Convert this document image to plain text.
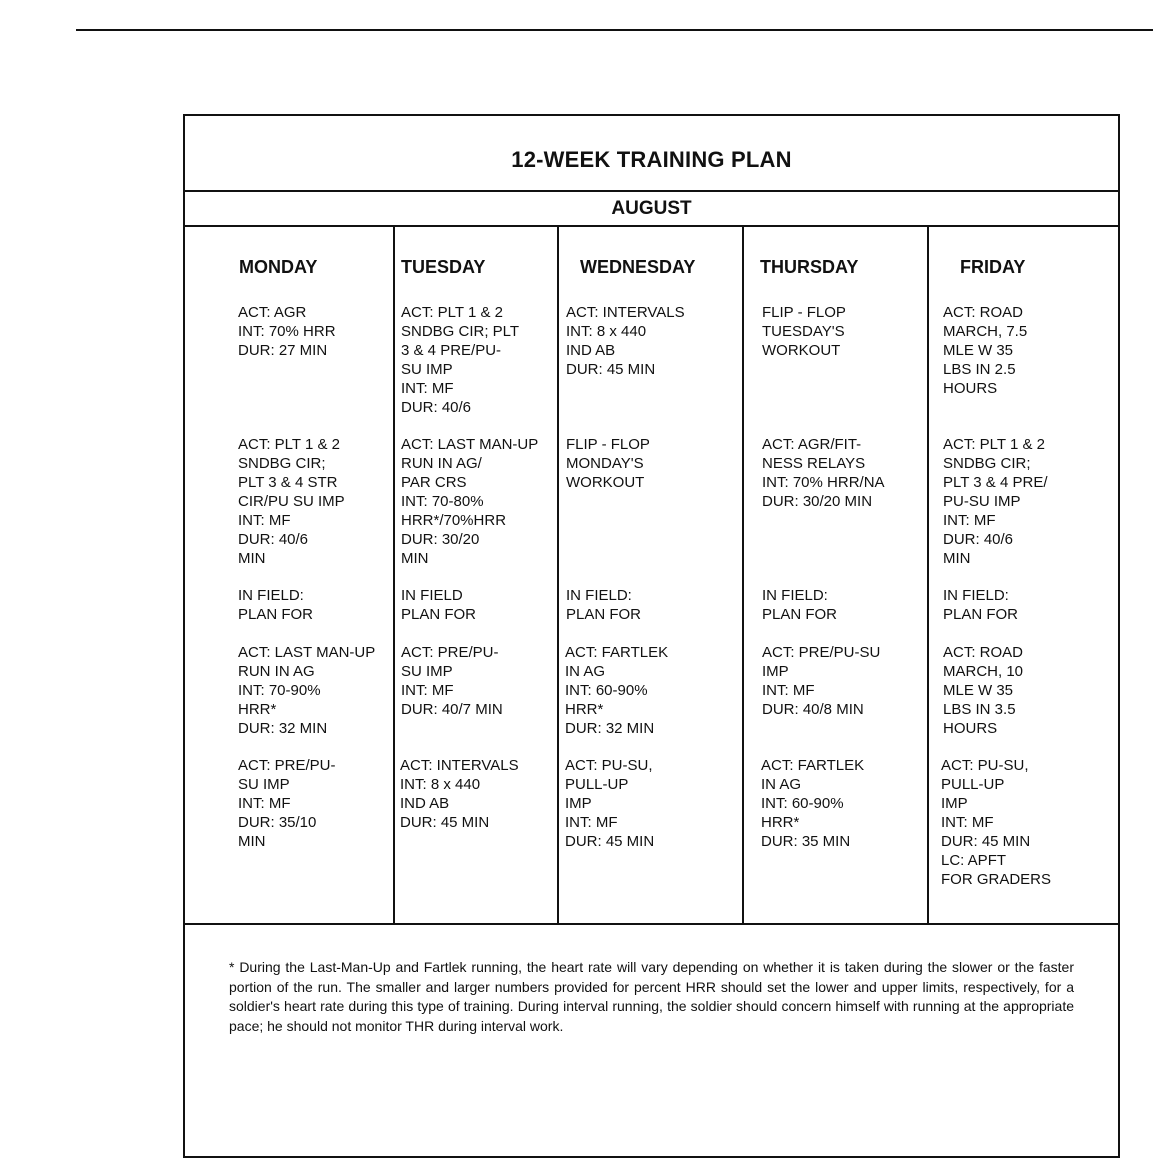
12-WEEK TRAINING PLAN
AUGUST
MONDAY
ACT: AGR
INT: 70% HRR
DUR: 27 MIN
ACT: PLT 1 & 2
SNDBG CIR;
PLT 3 & 4 STR
CIR/PU SU IMP
INT: MF
DUR: 40/6
MIN
IN FIELD:
PLAN FOR
ACT: LAST MAN-UP
RUN IN AG
INT: 70-90%
HRR*
DUR: 32 MIN
ACT: PRE/PU-
SU IMP
INT: MF
DUR: 35/10
MIN
TUESDAY
ACT: PLT 1 & 2
SNDBG CIR; PLT
3 & 4 PRE/PU-
SU IMP
INT: MF
DUR: 40/6
ACT: LAST MAN-UP
RUN IN AG/
PAR CRS
INT: 70-80%
HRR*/70%HRR
DUR: 30/20
MIN
IN FIELD
PLAN FOR
ACT: PRE/PU-
SU IMP
INT: MF
DUR: 40/7 MIN
ACT: INTERVALS
INT: 8 x 440
IND AB
DUR: 45 MIN
WEDNESDAY
ACT: INTERVALS
INT: 8 x 440
IND AB
DUR: 45 MIN
FLIP - FLOP
MONDAY'S
WORKOUT
IN FIELD:
PLAN FOR
ACT: FARTLEK
IN AG
INT: 60-90%
HRR*
DUR: 32 MIN
ACT: PU-SU,
PULL-UP
IMP
INT: MF
DUR: 45 MIN
THURSDAY
FLIP - FLOP
TUESDAY'S
WORKOUT
ACT: AGR/FIT-
NESS RELAYS
INT: 70% HRR/NA
DUR: 30/20 MIN
IN FIELD:
PLAN FOR
ACT: PRE/PU-SU
IMP
INT: MF
DUR: 40/8 MIN
ACT: FARTLEK
IN AG
INT: 60-90%
HRR*
DUR: 35 MIN
FRIDAY
ACT: ROAD
MARCH, 7.5
MLE W 35
LBS IN 2.5
HOURS
ACT: PLT 1 & 2
SNDBG CIR;
PLT 3 & 4 PRE/
PU-SU IMP
INT: MF
DUR: 40/6
MIN
IN FIELD:
PLAN FOR
ACT: ROAD
MARCH, 10
MLE W 35
LBS IN 3.5
HOURS
ACT: PU-SU,
PULL-UP
IMP
INT: MF
DUR: 45 MIN
LC: APFT
FOR GRADERS
* During the Last-Man-Up and Fartlek running, the heart rate will vary depending on whether it is taken during the slower or the faster portion of the run. The smaller and larger numbers provided for percent HRR should set the lower and upper limits, respectively, for a soldier's heart rate during this type of training. During interval running, the soldier should concern himself with running at the appropriate pace; he should not monitor THR during interval work.
